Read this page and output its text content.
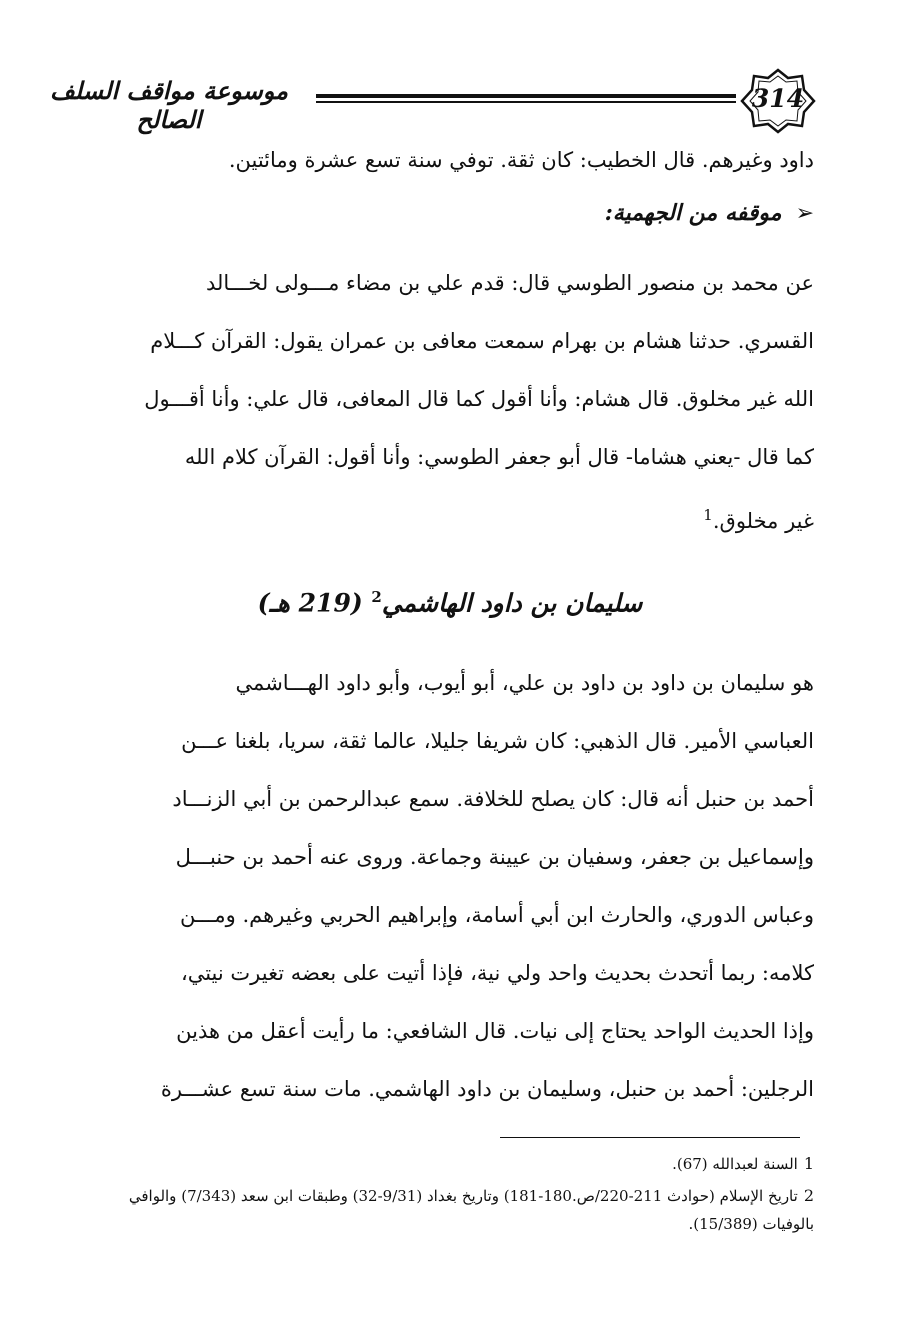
موسوعة مواقف السلف الصالح
314
داود وغيرهم. قال الخطيب: كان ثقة. توفي سنة تسع عشرة ومائتين.
➢موقفه من الجهمية:
عن محمد بن منصور الطوسي قال: قدم علي بن مضاء مـــولى لخـــالد
القسري. حدثنا هشام بن بهرام سمعت معافى بن عمران يقول: القرآن كـــلام
الله غير مخلوق. قال هشام: وأنا أقول كما قال المعافى، قال علي: وأنا أقـــول
كما قال -يعني هشاما- قال أبو جعفر الطوسي: وأنا أقول: القرآن كلام الله
غير مخلوق.$^1$
سليمان بن داود الهاشمي$^2$ (219 هـ)
هو سليمان بن داود بن داود بن علي، أبو أيوب، وأبو داود الهـــاشمي
العباسي الأمير. قال الذهبي: كان شريفا جليلا، عالما ثقة، سريا، بلغنا عـــن
أحمد بن حنبل أنه قال: كان يصلح للخلافة. سمع عبدالرحمن بن أبي الزنـــاد
وإسماعيل بن جعفر، وسفيان بن عيينة وجماعة. وروى عنه أحمد بن حنبـــل
وعباس الدوري، والحارث ابن أبي أسامة، وإبراهيم الحربي وغيرهم. ومـــن
كلامه: ربما أتحدث بحديث واحد ولي نية، فإذا أتيت على بعضه تغيرت نيتي،
وإذا الحديث الواحد يحتاج إلى نيات. قال الشافعي: ما رأيت أعقل من هذين
الرجلين: أحمد بن حنبل، وسليمان بن داود الهاشمي. مات سنة تسع عشـــرة
1السنة لعبدالله (67).
2تاريخ الإسلام (حوادث 211-220/ص.180-181) وتاريخ بغداد (9/31-32) وطبقات ابن سعد (7/343) والوافي بالوفيات (15/389).
